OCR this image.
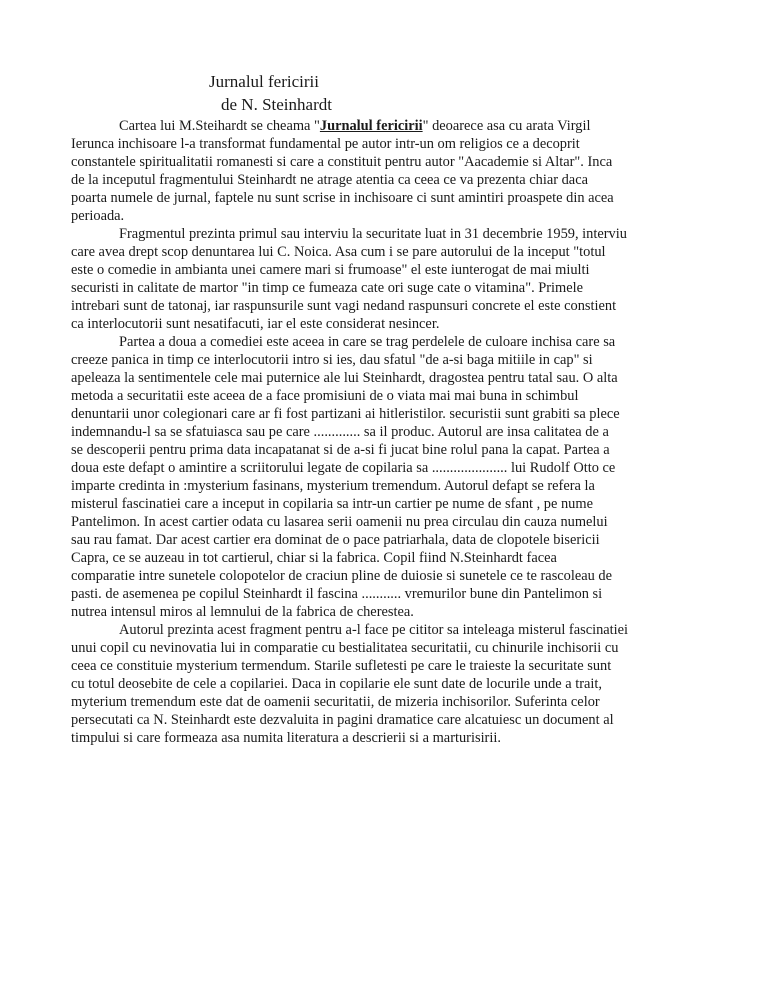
Jurnalul fericirii
de N. Steinhardt
Cartea lui M.Steihardt se cheama "Jurnalul fericirii" deoarece asa cu arata Virgil
Ierunca inchisoare l-a transformat fundamental pe autor intr-un om religios ce a decoprit
constantele spiritualitatii romanesti si care a constituit pentru autor "Aacademie si Altar". Inca
de la inceputul fragmentului Steinhardt ne atrage atentia ca ceea ce va prezenta chiar daca
poarta numele de jurnal, faptele nu sunt scrise in inchisoare ci sunt amintiri proaspete din acea
perioada.
Fragmentul prezinta primul sau interviu la securitate luat in 31 decembrie 1959, interviu
care avea drept scop denuntarea lui C. Noica. Asa cum i se pare autorului de la inceput "totul
este o comedie in ambianta unei camere mari si frumoase" el este iunterogat de mai miulti
securisti in calitate de martor "in timp ce fumeaza cate ori suge cate o vitamina". Primele
intrebari sunt de tatonaj, iar raspunsurile sunt vagi nedand raspunsuri concrete el este constient
ca interlocutorii sunt nesatifacuti, iar el este considerat nesincer.
Partea a doua a comediei este aceea in care se trag perdelele de culoare inchisa care sa
creeze panica in timp ce interlocutorii intro si ies, dau sfatul "de a-si baga mitiile in cap" si
apeleaza la sentimentele cele mai puternice ale lui Steinhardt, dragostea pentru tatal sau. O alta
metoda a securitatii este aceea de a face promisiuni de o viata mai mai buna in schimbul
denuntarii unor colegionari care ar fi fost partizani ai hitleristilor. securistii sunt grabiti sa plece
indemnandu-l sa se sfatuiasca sau pe care ............. sa il produc. Autorul are insa calitatea de a
se descoperii pentru prima data incapatanat si de a-si fi jucat bine rolul pana la capat. Partea a
doua este defapt o amintire a scriitorului legate de copilaria sa ..................... lui Rudolf Otto ce
imparte credinta in :mysterium fasinans, mysterium tremendum. Autorul defapt se refera la
misterul fascinatiei care a inceput in copilaria sa intr-un cartier pe nume de sfant , pe nume
Pantelimon. In acest cartier odata cu lasarea serii oamenii nu prea circulau din cauza numelui
sau rau famat. Dar acest cartier era dominat de o pace patriarhala, data de clopotele bisericii
Capra, ce se auzeau in tot cartierul, chiar si la fabrica. Copil fiind N.Steinhardt facea
comparatie intre sunetele colopotelor de craciun pline de duiosie si sunetele ce te rascoleau de
pasti. de asemenea pe copilul Steinhardt il fascina ........... vremurilor bune din Pantelimon si
nutrea intensul miros al lemnului de la fabrica de cherestea.
Autorul prezinta acest fragment pentru a-l face pe cititor sa inteleaga misterul fascinatiei
unui copil cu nevinovatia lui in comparatie cu bestialitatea securitatii, cu chinurile inchisorii cu
ceea ce constituie mysterium termendum. Starile sufletesti pe care le traieste la securitate sunt
cu totul deosebite de cele a copilariei. Daca in copilarie ele sunt date de locurile unde a trait,
myterium tremendum este dat de oamenii securitatii, de mizeria inchisorilor. Suferinta celor
persecutati ca N. Steinhardt este dezvaluita in pagini dramatice care alcatuiesc un document al
timpului si care formeaza asa numita literatura a descrierii si a marturisirii.
